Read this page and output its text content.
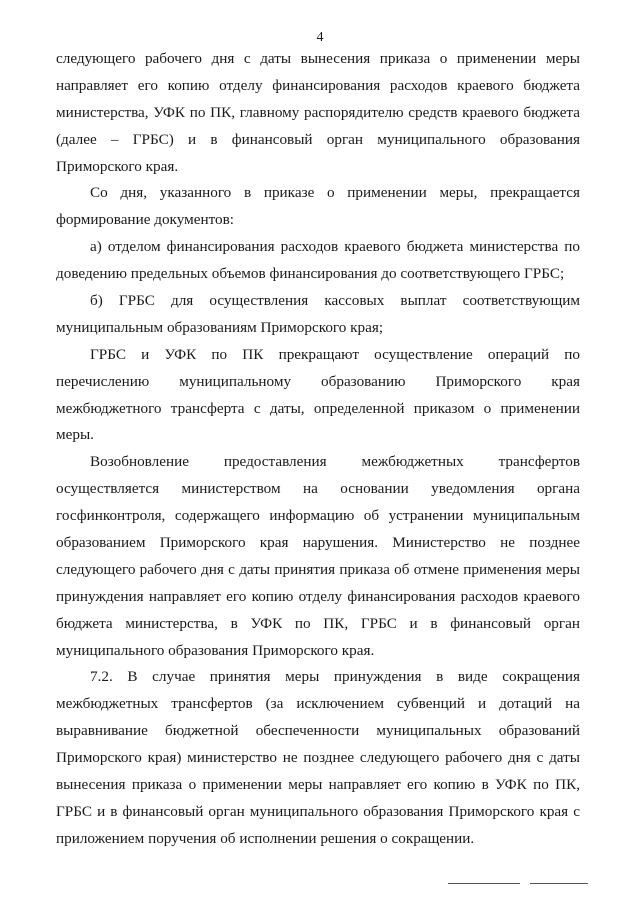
4
следующего рабочего дня с даты вынесения приказа о применении меры
направляет его копию отделу финансирования расходов краевого бюджета
министерства, УФК по ПК, главному распорядителю средств краевого бюджета
(далее – ГРБС) и в финансовый орган муниципального образования
Приморского края.
Со дня, указанного в приказе о применении меры, прекращается
формирование документов:
а) отделом финансирования расходов краевого бюджета министерства по
доведению предельных объемов финансирования до соответствующего ГРБС;
б) ГРБС для осуществления кассовых выплат соответствующим
муниципальным образованиям Приморского края;
ГРБС и УФК по ПК прекращают осуществление операций по
перечислению муниципальному образованию Приморского края
межбюджетного трансферта с даты, определенной приказом о применении
меры.
Возобновление предоставления межбюджетных трансфертов
осуществляется министерством на основании уведомления органа
госфинконтроля, содержащего информацию об устранении муниципальным
образованием Приморского края нарушения. Министерство не позднее
следующего рабочего дня с даты принятия приказа об отмене применения меры
принуждения направляет его копию отделу финансирования расходов краевого
бюджета министерства, в УФК по ПК, ГРБС и в финансовый орган
муниципального образования Приморского края.
7.2. В случае принятия меры принуждения в виде сокращения
межбюджетных трансфертов (за исключением субвенций и дотаций на
выравнивание бюджетной обеспеченности муниципальных образований
Приморского края) министерство не позднее следующего рабочего дня с даты
вынесения приказа о применении меры направляет его копию в УФК по ПК,
ГРБС и в финансовый орган муниципального образования Приморского края с
приложением поручения об исполнении решения о сокращении.
